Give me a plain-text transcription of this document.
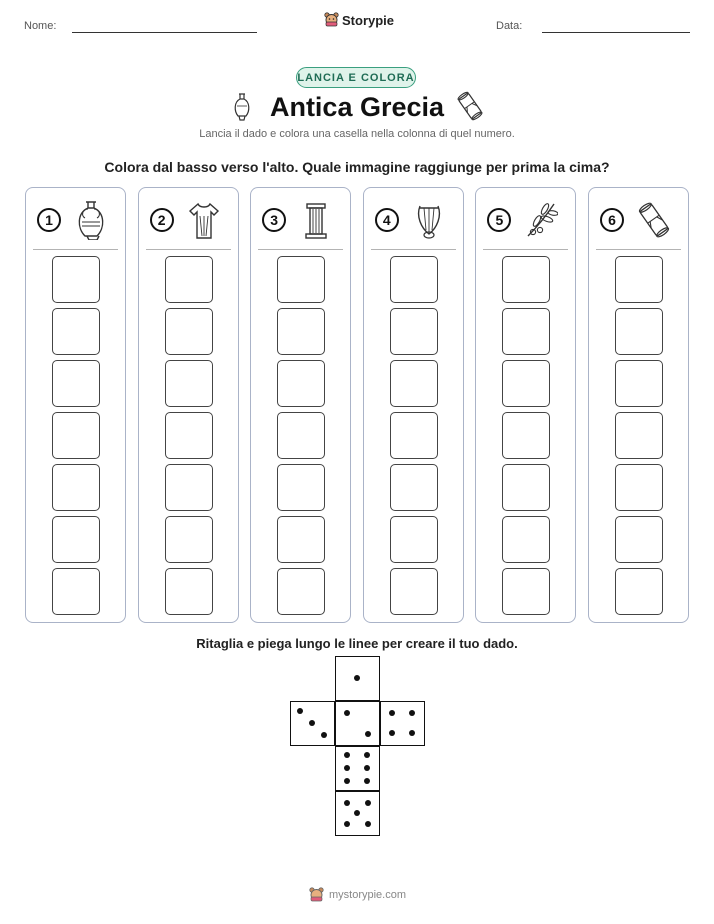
Nome:	Storypie	Data:
LANCIA E COLORA
Antica Grecia
Lancia il dado e colora una casella nella colonna di quel numero.
Colora dal basso verso l'alto. Quale immagine raggiunge per prima la cima?
1	2	3	4	5	6
Ritaglia e piega lungo le linee per creare il tuo dado.
mystorypie.com
